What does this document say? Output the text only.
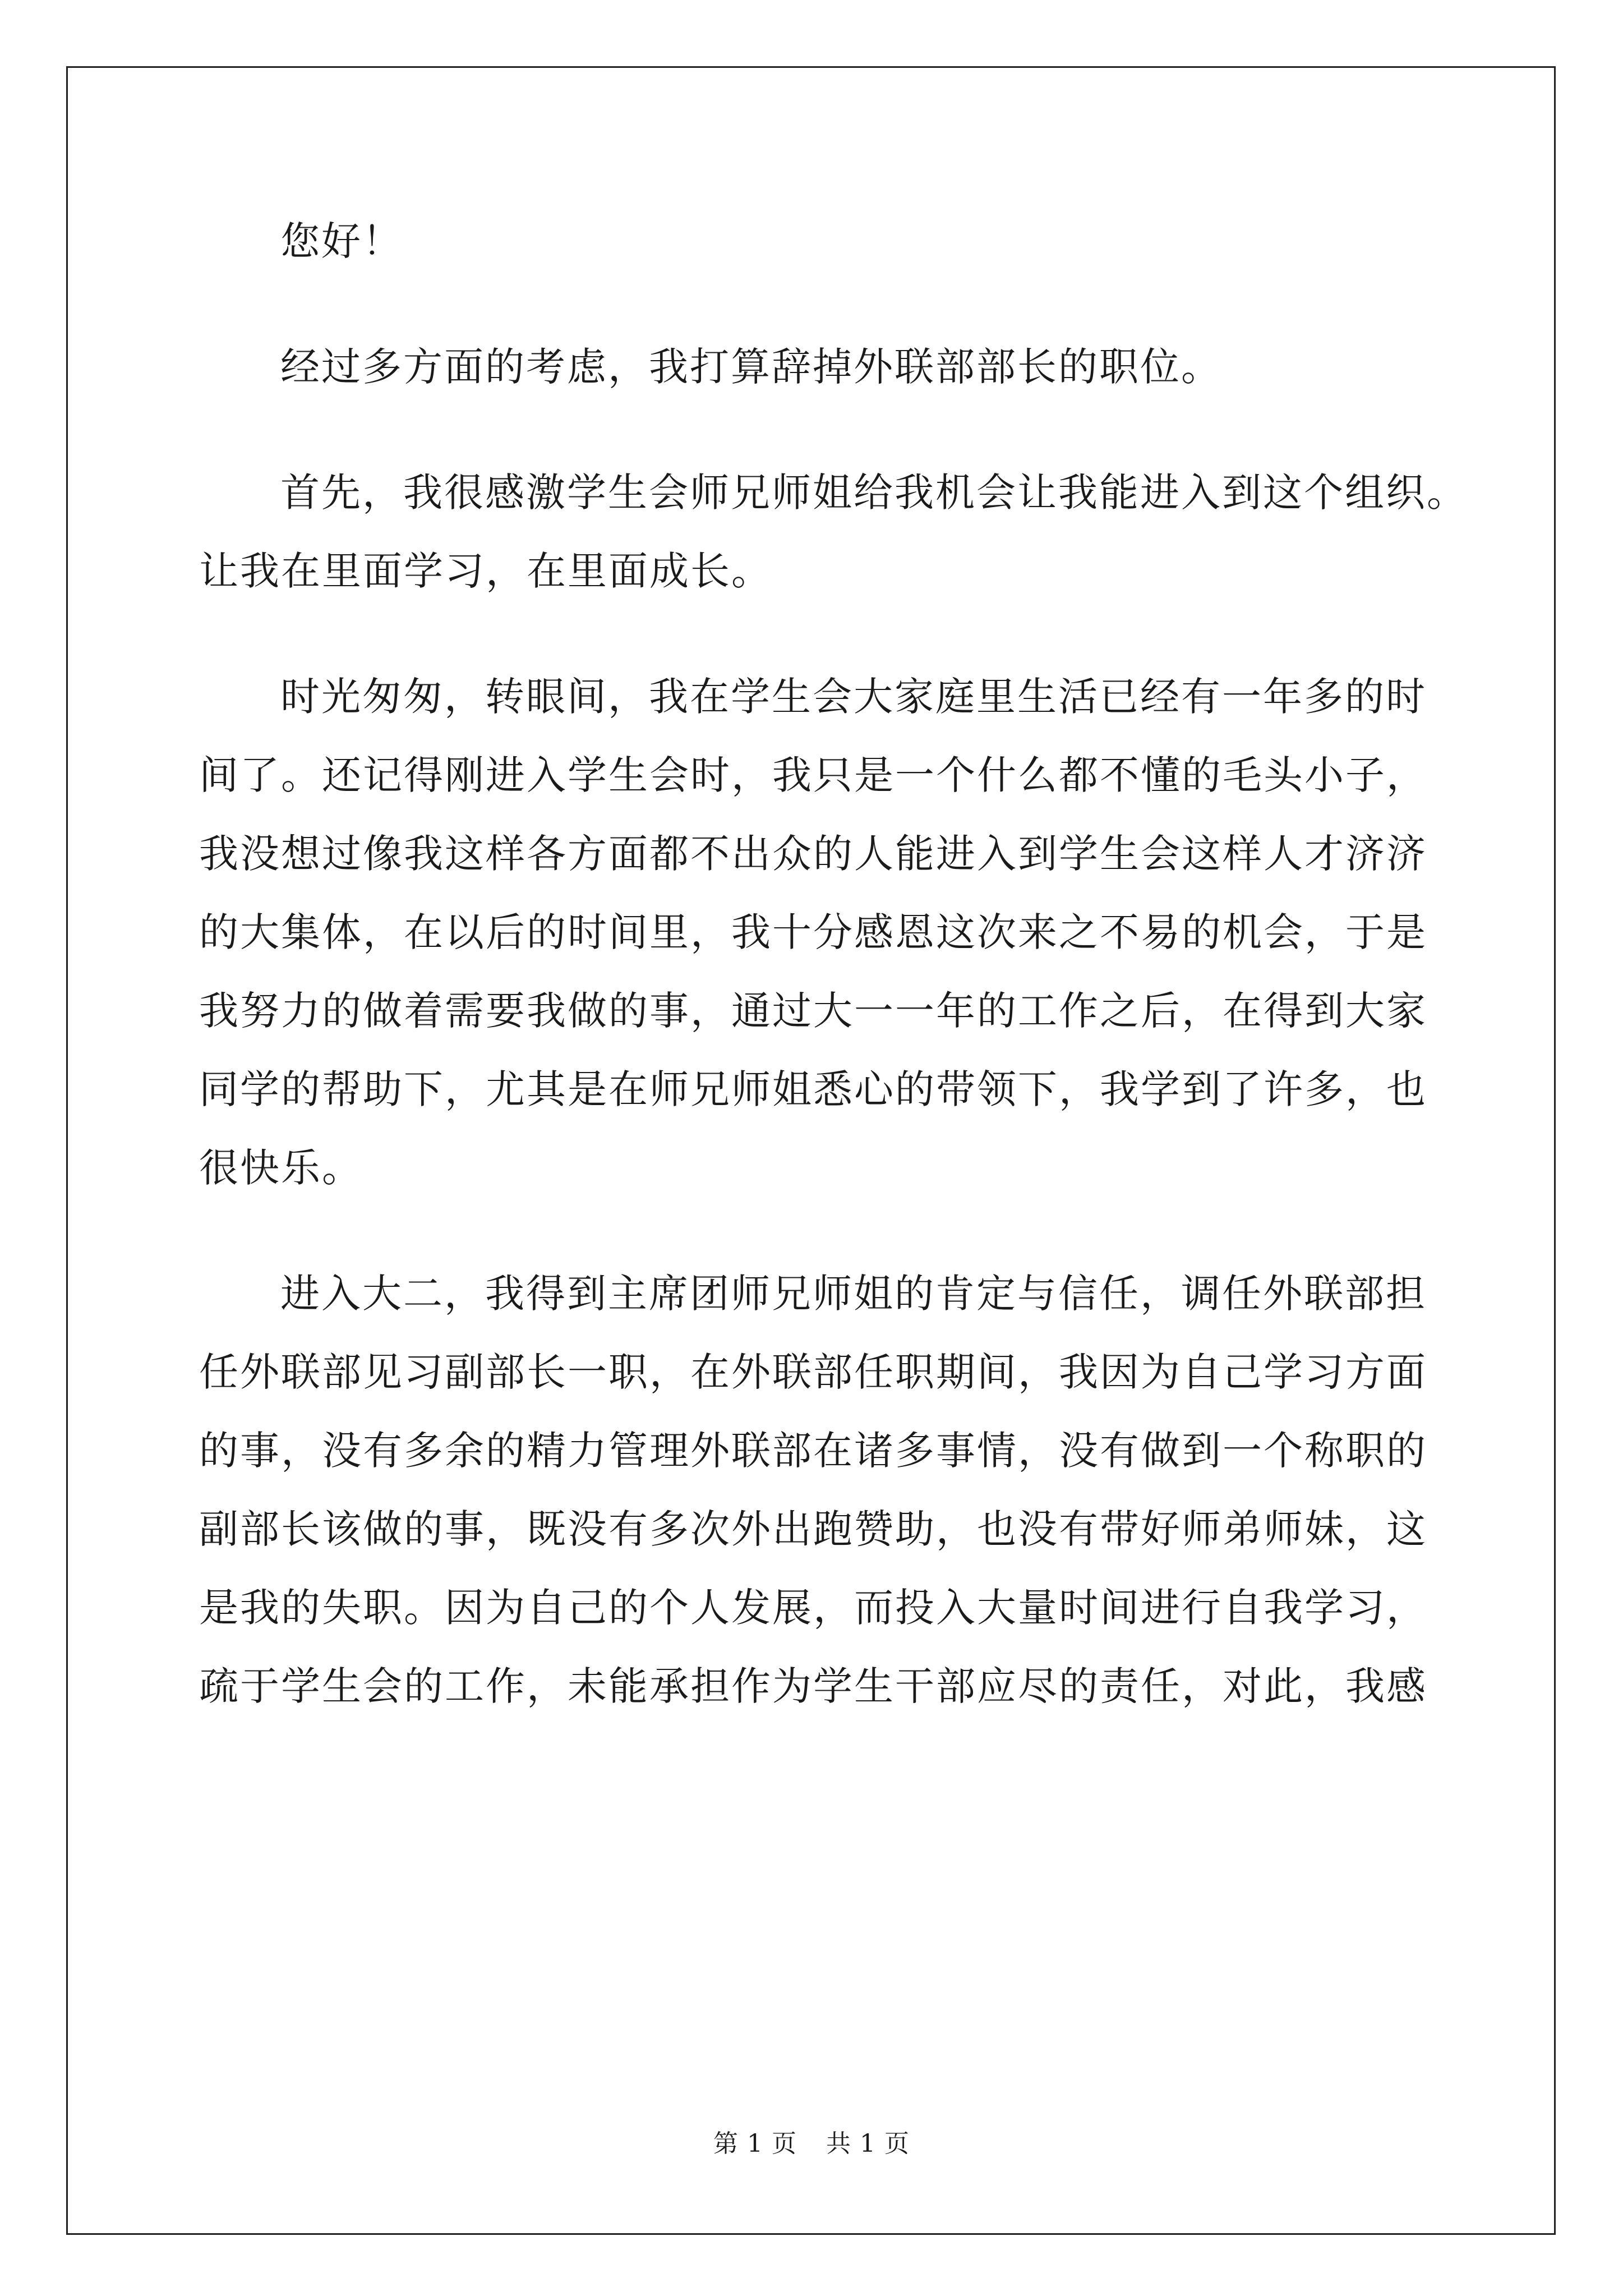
您好！

经过多方面的考虑，我打算辞掉外联部部长的职位。

首先，我很感激学生会师兄师姐给我机会让我能进入到这个组织。
让我在里面学习，在里面成长。

时光匆匆，转眼间，我在学生会大家庭里生活已经有一年多的时
间了。还记得刚进入学生会时，我只是一个什么都不懂的毛头小子，
我没想过像我这样各方面都不出众的人能进入到学生会这样人才济济
的大集体，在以后的时间里，我十分感恩这次来之不易的机会，于是
我努力的做着需要我做的事，通过大一一年的工作之后，在得到大家
同学的帮助下，尤其是在师兄师姐悉心的带领下，我学到了许多，也
很快乐。

进入大二，我得到主席团师兄师姐的肯定与信任，调任外联部担
任外联部见习副部长一职，在外联部任职期间，我因为自己学习方面
的事，没有多余的精力管理外联部在诸多事情，没有做到一个称职的
副部长该做的事，既没有多次外出跑赞助，也没有带好师弟师妹，这
是我的失职。因为自己的个人发展，而投入大量时间进行自我学习，
疏于学生会的工作，未能承担作为学生干部应尽的责任，对此，我感

第 1 页 共 1 页
